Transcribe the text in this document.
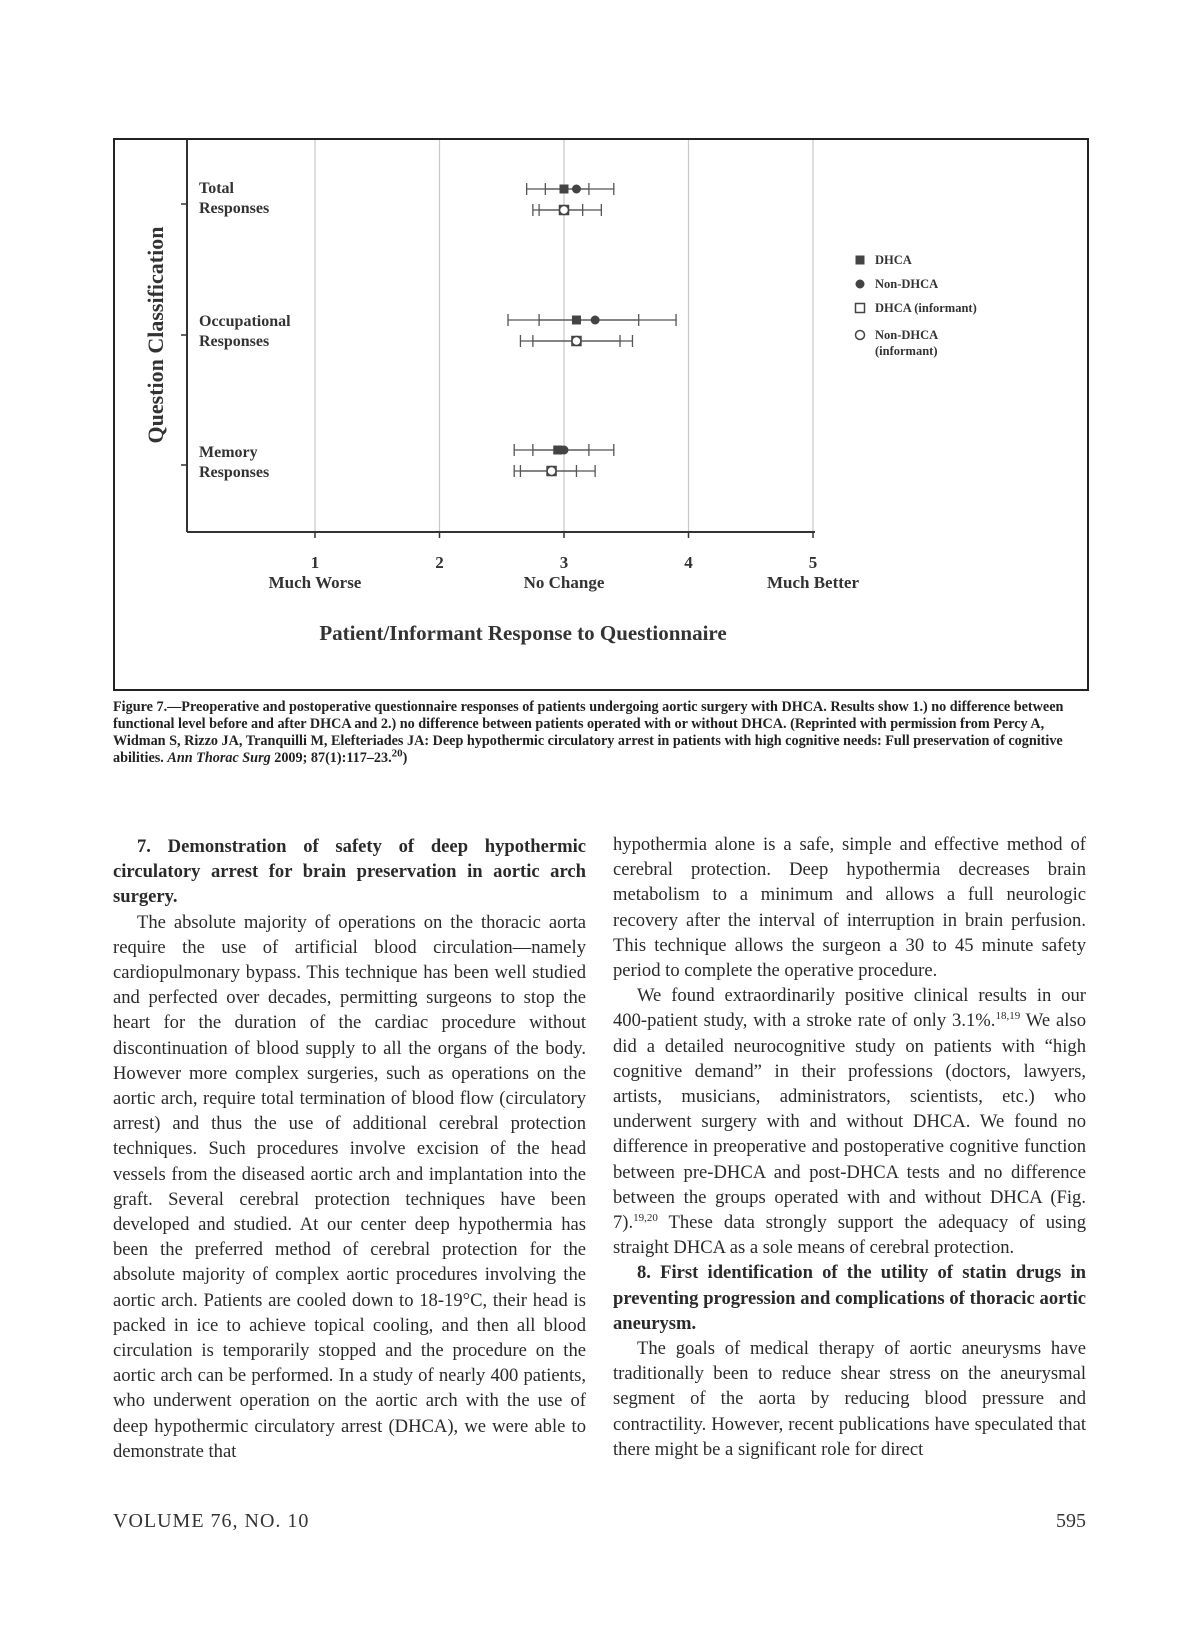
1
Much Worse
2	3
No Change
4	5
Much Better
Question Classification
Patient/Informant Response to Questionnaire
Total
Responses
Occupational
Responses
Memory
Responses
DHCA
Non-DHCA
DHCA (informant)
Non-DHCA
(informant)
Figure 7.—Preoperative and postoperative questionnaire responses of patients undergoing aortic surgery with DHCA. Results show 1.) no difference between functional level before and after DHCA and 2.) no difference between patients operated with or without DHCA. (Reprinted with permission from Percy A, Widman S, Rizzo JA, Tranquilli M, Elefteriades JA: Deep hypothermic circulatory arrest in patients with high cognitive needs: Full preservation of cognitive abilities. Ann Thorac Surg 2009; 87(1):117–23.20)
7. Demonstration of safety of deep hypothermic circulatory arrest for brain preservation in aortic arch surgery.

The absolute majority of operations on the thoracic aorta require the use of artificial blood circulation—namely cardiopulmonary bypass. This technique has been well studied and perfected over decades, permitting surgeons to stop the heart for the duration of the cardiac procedure without discontinuation of blood supply to all the organs of the body. However more complex surgeries, such as operations on the aortic arch, require total termination of blood flow (circulatory arrest) and thus the use of additional cerebral protection techniques. Such procedures involve excision of the head vessels from the diseased aortic arch and implantation into the graft. Several cerebral protection techniques have been developed and studied. At our center deep hypothermia has been the preferred method of cerebral protection for the absolute majority of complex aortic procedures involving the aortic arch. Patients are cooled down to 18-19°C, their head is packed in ice to achieve topical cooling, and then all blood circulation is temporarily stopped and the procedure on the aortic arch can be performed. In a study of nearly 400 patients, who underwent operation on the aortic arch with the use of deep hypothermic circulatory arrest (DHCA), we were able to demonstrate that

hypothermia alone is a safe, simple and effective method of cerebral protection. Deep hypothermia decreases brain metabolism to a minimum and allows a full neurologic recovery after the interval of interruption in brain perfusion. This technique allows the surgeon a 30 to 45 minute safety period to complete the operative procedure.

We found extraordinarily positive clinical results in our 400-patient study, with a stroke rate of only 3.1%.$^{18,19}$ We also did a detailed neurocognitive study on patients with “high cognitive demand” in their professions (doctors, lawyers, artists, musicians, administrators, scientists, etc.) who underwent surgery with and without DHCA. We found no difference in preoperative and postoperative cognitive function between pre-DHCA and post-DHCA tests and no difference between the groups operated with and without DHCA (Fig. 7).$^{19,20}$ These data strongly support the adequacy of using straight DHCA as a sole means of cerebral protection.

8. First identification of the utility of statin drugs in preventing progression and complications of thoracic aortic aneurysm.

The goals of medical therapy of aortic aneurysms have traditionally been to reduce shear stress on the aneurysmal segment of the aorta by reducing blood pressure and contractility. However, recent publications have speculated that there might be a significant role for direct

VOLUME 76, NO. 10	595
